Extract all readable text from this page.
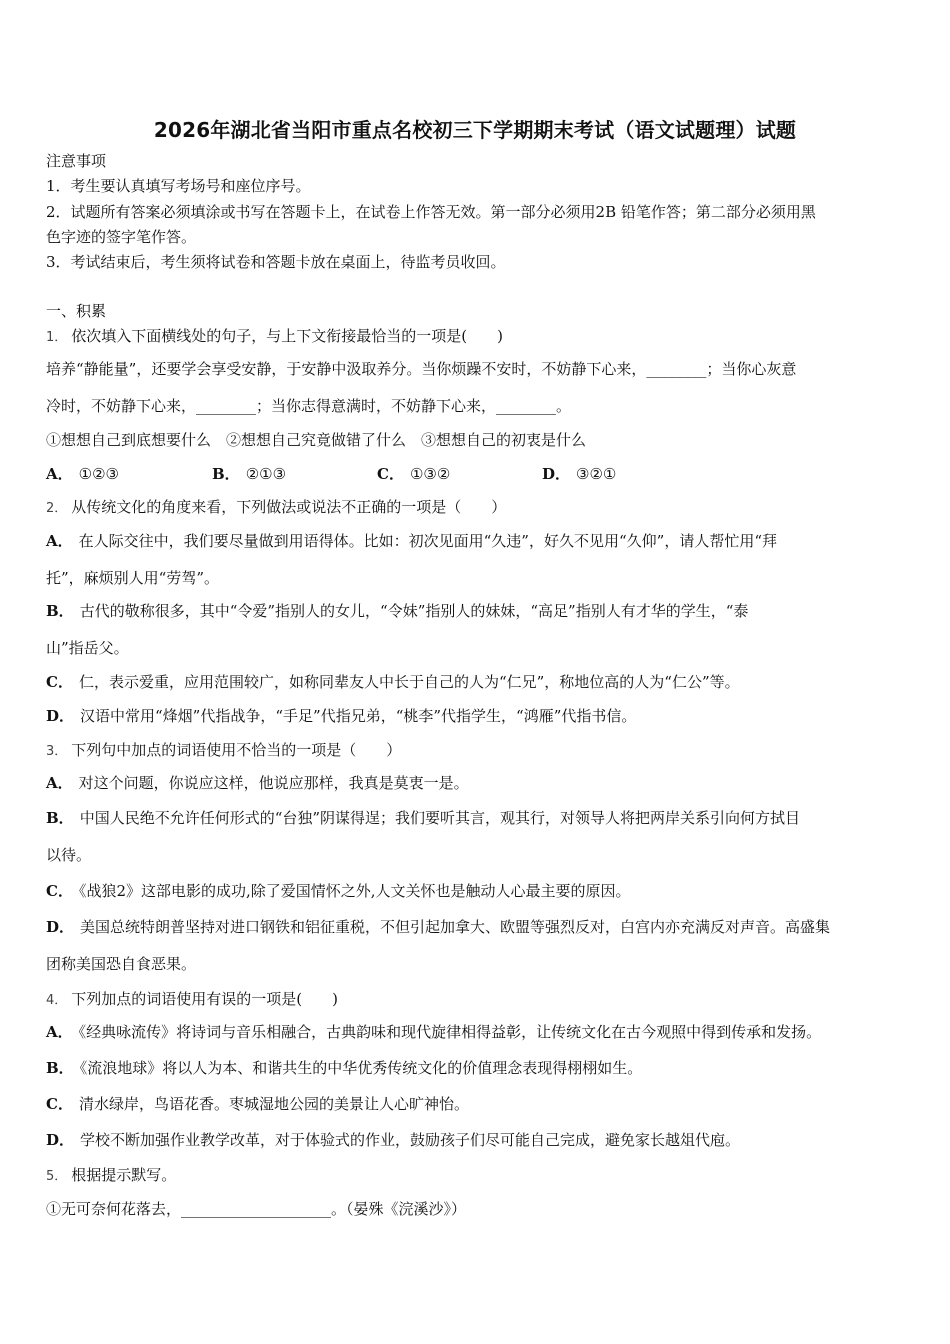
2026年湖北省当阳市重点名校初三下学期期末考试（语文试题理）试题
注意事项
1．考生要认真填写考场号和座位序号。
2．试题所有答案必须填涂或书写在答题卡上，在试卷上作答无效。第一部分必须用2B 铅笔作答；第二部分必须用黑
色字迹的签字笔作答。
3．考试结束后，考生须将试卷和答题卡放在桌面上，待监考员收回。
一、积累
1． 依次填入下面横线处的句子，与上下文衔接最恰当的一项是(　　)
培养“静能量”，还要学会享受安静，于安静中汲取养分。当你烦躁不安时，不妨静下心来，________；当你心灰意
冷时，不妨静下心来，________；当你志得意满时，不妨静下心来，________。
①想想自己到底想要什么　②想想自己究竟做错了什么　③想想自己的初衷是什么
A． ①②③	B． ②①③	C． ①③②	D． ③②①
2． 从传统文化的角度来看，下列做法或说法不正确的一项是（　　）
A． 在人际交往中，我们要尽量做到用语得体。比如：初次见面用“久违”，好久不见用“久仰”，请人帮忙用“拜
托”，麻烦别人用“劳驾”。
B． 古代的敬称很多，其中“令爱”指别人的女儿，“令妹”指别人的妹妹，“高足”指别人有才华的学生，“泰
山”指岳父。
C． 仁，表示爱重，应用范围较广，如称同辈友人中长于自己的人为“仁兄”，称地位高的人为“仁公”等。
D． 汉语中常用“烽烟”代指战争，“手足”代指兄弟，“桃李”代指学生，“鸿雁”代指书信。
3． 下列句中加点的词语使用不恰当的一项是（　　）
A． 对这个问题，你说应这样，他说应那样，我真是莫衷一是。
B． 中国人民绝不允许任何形式的“台独”阴谋得逞；我们要听其言，观其行，对领导人将把两岸关系引向何方拭目
以待。
C． 《战狼2》这部电影的成功,除了爱国情怀之外,人文关怀也是触动人心最主要的原因。
D． 美国总统特朗普坚持对进口钢铁和铝征重税，不但引起加拿大、欧盟等强烈反对，白宫内亦充满反对声音。高盛集
团称美国恐自食恶果。
4． 下列加点的词语使用有误的一项是(　　)
A． 《经典咏流传》将诗词与音乐相融合，古典韵味和现代旋律相得益彰，让传统文化在古今观照中得到传承和发扬。
B． 《流浪地球》将以人为本、和谐共生的中华优秀传统文化的价值理念表现得栩栩如生。
C． 清水绿岸，鸟语花香。枣城湿地公园的美景让人心旷神怡。
D． 学校不断加强作业教学改革，对于体验式的作业，鼓励孩子们尽可能自己完成，避免家长越俎代庖。
5． 根据提示默写。
①无可奈何花落去，____________________。（晏殊《浣溪沙》）
